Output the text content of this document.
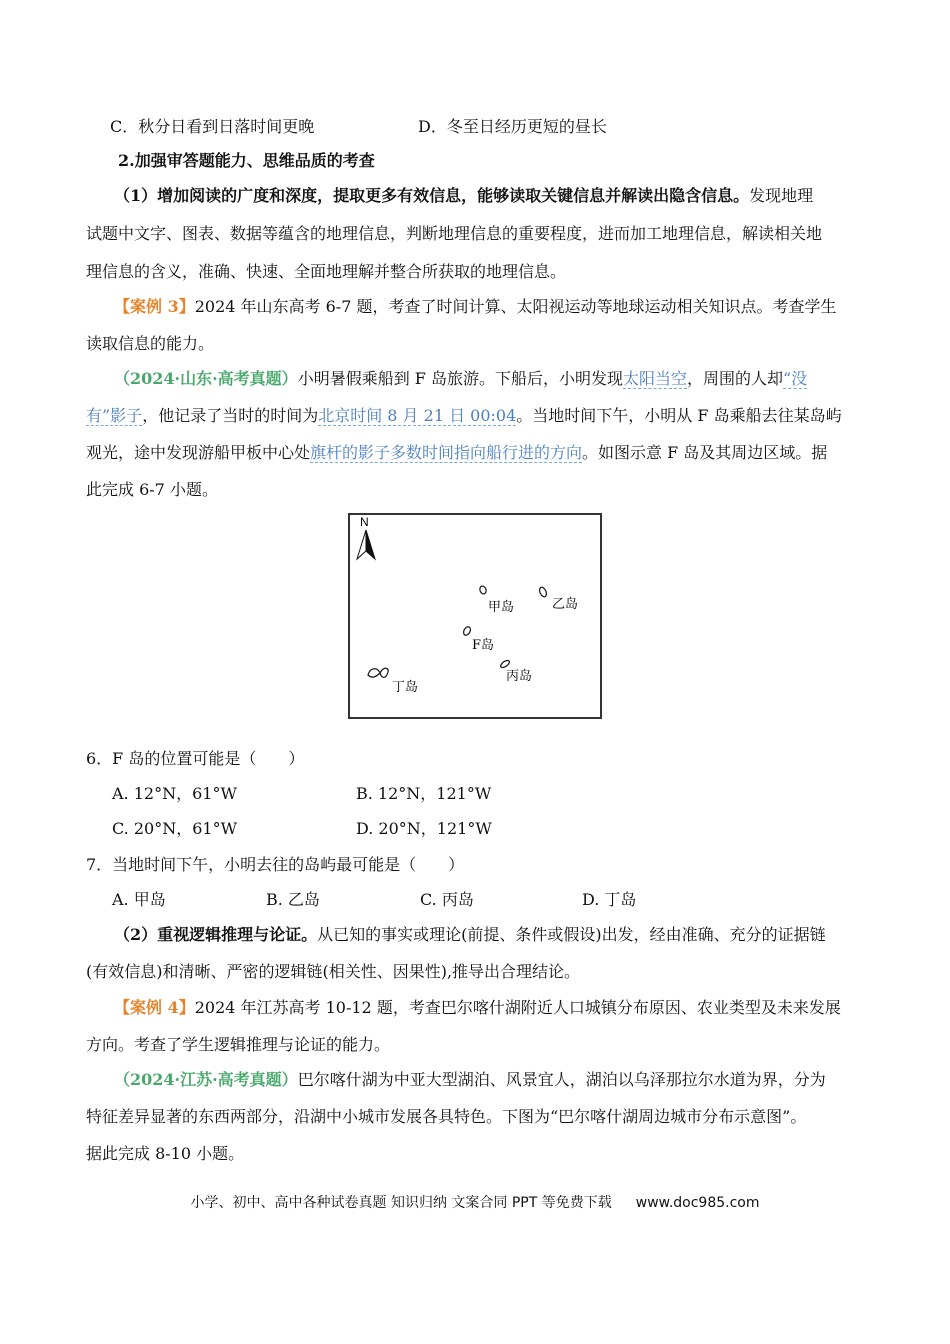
C．秋分日看到日落时间更晚	D．冬至日经历更短的昼长
2.加强审答题能力、思维品质的考查
（1）增加阅读的广度和深度，提取更多有效信息，能够读取关键信息并解读出隐含信息。发现地理
试题中文字、图表、数据等蕴含的地理信息，判断地理信息的重要程度，进而加工地理信息，解读相关地
理信息的含义，准确、快速、全面地理解并整合所获取的地理信息。
【案例 3】2024 年山东高考 6-7 题，考查了时间计算、太阳视运动等地球运动相关知识点。考查学生
读取信息的能力。
（2024·山东·高考真题）小明暑假乘船到 F 岛旅游。下船后，小明发现太阳当空，周围的人却“没
有”影子，他记录了当时的时间为北京时间 8 月 21 日 00:04。当地时间下午，小明从 F 岛乘船去往某岛屿
观光，途中发现游船甲板中心处旗杆的影子多数时间指向船行进的方向。如图示意 F 岛及其周边区域。据
此完成 6-7 小题。
N
甲岛	乙岛
F岛
丙岛
丁岛
6．F 岛的位置可能是（　　）
A. 12°N，61°W	B. 12°N，121°W
C. 20°N，61°W	D. 20°N，121°W
7．当地时间下午，小明去往的岛屿最可能是（　　）
A. 甲岛	B. 乙岛	C. 丙岛	D. 丁岛
（2）重视逻辑推理与论证。从已知的事实或理论(前提、条件或假设)出发，经由准确、充分的证据链
(有效信息)和清晰、严密的逻辑链(相关性、因果性),推导出合理结论。
【案例 4】2024 年江苏高考 10-12 题，考查巴尔喀什湖附近人口城镇分布原因、农业类型及未来发展
方向。考查了学生逻辑推理与论证的能力。
（2024·江苏·高考真题）巴尔喀什湖为中亚大型湖泊、风景宜人，湖泊以乌泽那拉尔水道为界，分为
特征差异显著的东西两部分，沿湖中小城市发展各具特色。下图为“巴尔喀什湖周边城市分布示意图”。
据此完成 8-10 小题。
小学、初中、高中各种试卷真题 知识归纳 文案合同 PPT 等免费下载 www.doc985.com
